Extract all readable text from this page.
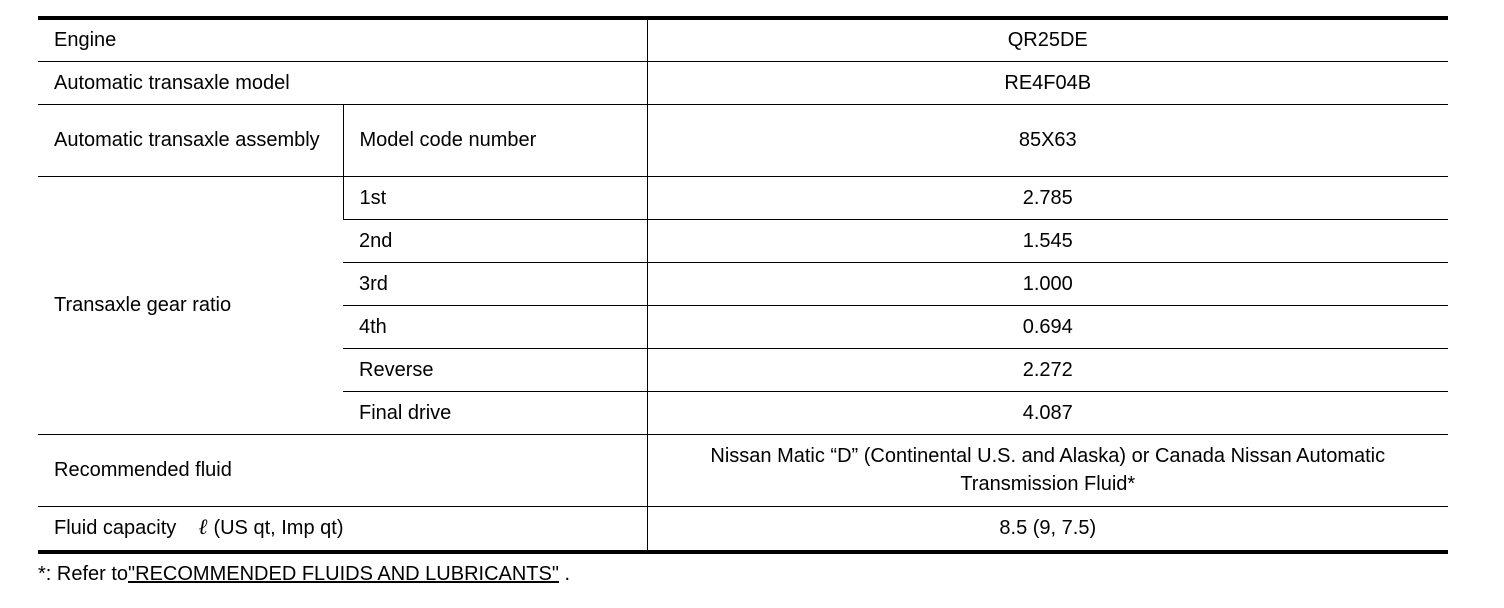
Engine		QR25DE
Automatic transaxle model		RE4F04B
Automatic transaxle assembly	Model code number	85X63
Transaxle gear ratio	1st	2.785
	2nd	1.545
	3rd	1.000
	4th	0.694
	Reverse	2.272
	Final drive	4.087
Recommended fluid		Nissan Matic “D” (Continental U.S. and Alaska) or Canada Nissan Automatic Transmission Fluid*
Fluid capacity ℓ (US qt, Imp qt)		8.5 (9, 7.5)
*: Refer to"RECOMMENDED FLUIDS AND LUBRICANTS" .
